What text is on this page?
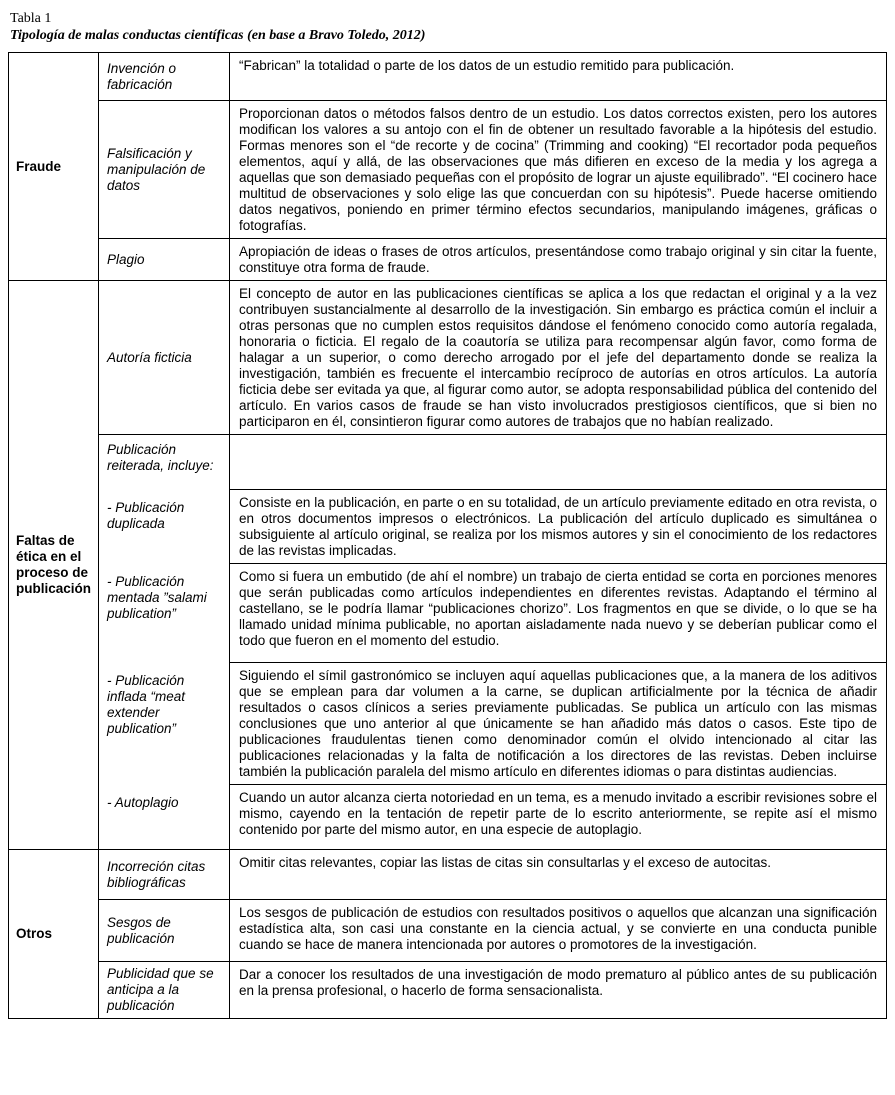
Tabla 1
Tipología de malas conductas científicas (en base a Bravo Toledo, 2012)
Fraude	Invención o fabricación	“Fabrican” la totalidad o parte de los datos de un estudio remitido para publicación.
	Falsificación y manipulación de datos	Proporcionan datos o métodos falsos dentro de un estudio. Los datos correctos existen, pero los autores modifican los valores a su antojo con el fin de obtener un resultado favorable a la hipótesis del estudio. Formas menores son el “de recorte y de cocina” (Trimming and cooking) “El recortador poda pequeños elementos, aquí y allá, de las observaciones que más difieren en exceso de la media y los agrega a aquellas que son demasiado pequeñas con el propósito de lograr un ajuste equilibrado”. “El cocinero hace multitud de observaciones y solo elige las que concuerdan con su hipótesis”. Puede hacerse omitiendo datos negativos, poniendo en primer término efectos secundarios, manipulando imágenes, gráficas o fotografías.
	Plagio	Apropiación de ideas o frases de otros artículos, presentándose como trabajo original y sin citar la fuente, constituye otra forma de fraude.
Faltas de ética en el proceso de publicación	Autoría ficticia	El concepto de autor en las publicaciones científicas se aplica a los que redactan el original y a la vez contribuyen sustancialmente al desarrollo de la investigación. Sin embargo es práctica común el incluir a otras personas que no cumplen estos requisitos dándose el fenómeno conocido como autoría regalada, honoraria o ficticia. El regalo de la coautoría se utiliza para recompensar algún favor, como forma de halagar a un superior, o como derecho arrogado por el jefe del departamento donde se realiza la investigación, también es frecuente el intercambio recíproco de autorías en otros artículos. La autoría ficticia debe ser evitada ya que, al figurar como autor, se adopta responsabilidad pública del contenido del artículo. En varios casos de fraude se han visto involucrados prestigiosos científicos, que si bien no participaron en él, consintieron figurar como autores de trabajos que no habían realizado.
	Publicación reiterada, incluye:	
	- Publicación duplicada	Consiste en la publicación, en parte o en su totalidad, de un artículo previamente editado en otra revista, o en otros documentos impresos o electrónicos. La publicación del artículo duplicado es simultánea o subsiguiente al artículo original, se realiza por los mismos autores y sin el conocimiento de los redactores de las revistas implicadas.
	- Publicación mentada ”salami publication”	Como si fuera un embutido (de ahí el nombre) un trabajo de cierta entidad se corta en porciones menores que serán publicadas como artículos independientes en diferentes revistas. Adaptando el término al castellano, se le podría llamar “publicaciones chorizo”. Los fragmentos en que se divide, o lo que se ha llamado unidad mínima publicable, no aportan aisladamente nada nuevo y se deberían publicar como el todo que fueron en el momento del estudio.
	- Publicación inflada “meat extender publication”	Siguiendo el símil gastronómico se incluyen aquí aquellas publicaciones que, a la manera de los aditivos que se emplean para dar volumen a la carne, se duplican artificialmente por la técnica de añadir resultados o casos clínicos a series previamente publicadas. Se publica un artículo con las mismas conclusiones que uno anterior al que únicamente se han añadido más datos o casos. Este tipo de publicaciones fraudulentas tienen como denominador común el olvido intencionado al citar las publicaciones relacionadas y la falta de notificación a los directores de las revistas. Deben incluirse también la publicación paralela del mismo artículo en diferentes idiomas o para distintas audiencias.
	- Autoplagio	Cuando un autor alcanza cierta notoriedad en un tema, es a menudo invitado a escribir revisiones sobre el mismo, cayendo en la tentación de repetir parte de lo escrito anteriormente, se repite así el mismo contenido por parte del mismo autor, en una especie de autoplagio.
Otros	Incorreción citas bibliográficas	Omitir citas relevantes, copiar las listas de citas sin consultarlas y el exceso de autocitas.
	Sesgos de publicación	Los sesgos de publicación de estudios con resultados positivos o aquellos que alcanzan una significación estadística alta, son casi una constante en la ciencia actual, y se convierte en una conducta punible cuando se hace de manera intencionada por autores o promotores de la investigación.
	Publicidad que se anticipa a la publicación	Dar a conocer los resultados de una investigación de modo prematuro al público antes de su publicación en la prensa profesional, o hacerlo de forma sensacionalista.
